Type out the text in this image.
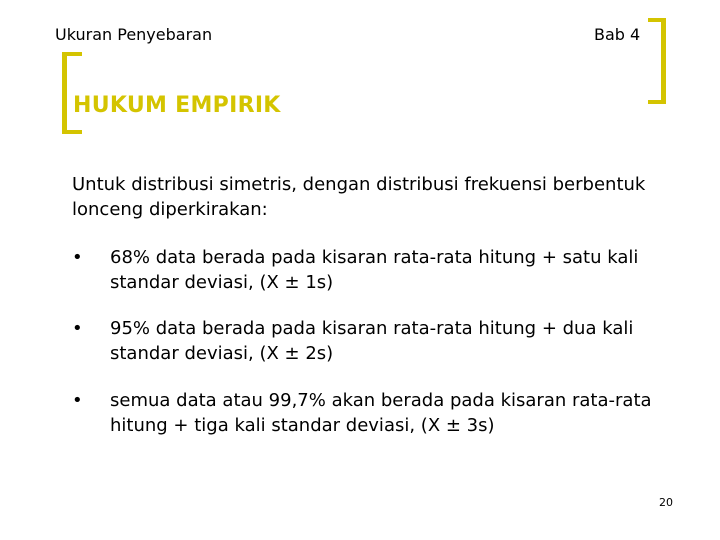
Ukuran Penyebaran	Bab 4
HUKUM EMPIRIK
Untuk distribusi simetris, dengan distribusi frekuensi berbentuk lonceng diperkirakan:
• 68% data berada pada kisaran rata-rata hitung + satu kali standar deviasi, (X ± 1s)
• 95% data berada pada kisaran rata-rata hitung + dua kali standar deviasi, (X ± 2s)
• semua data atau 99,7% akan berada pada kisaran rata-rata hitung + tiga kali standar deviasi, (X ± 3s)
20
